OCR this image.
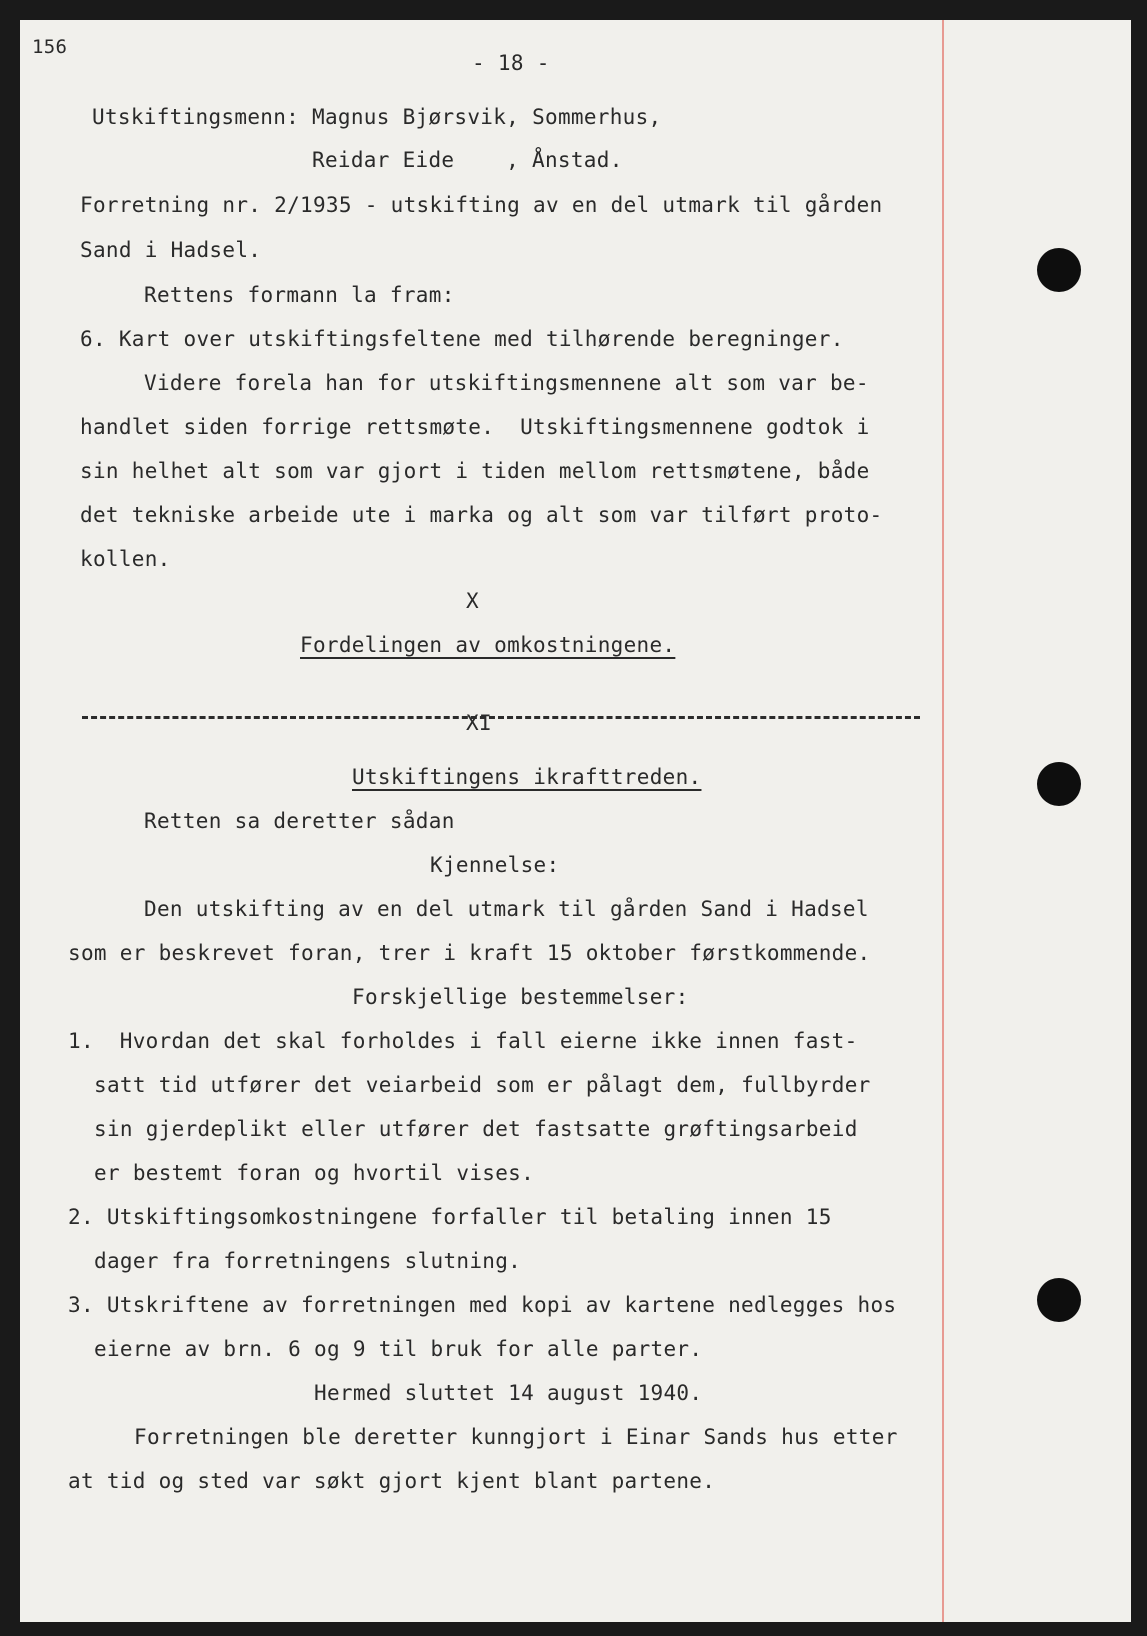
156
- 18 -
Utskiftingsmenn: Magnus Bjørsvik, Sommerhus,
Reidar Eide    , Ånstad.
Forretning nr. 2/1935 - utskifting av en del utmark til gården
Sand i Hadsel.
Rettens formann la fram:
6. Kart over utskiftingsfeltene med tilhørende beregninger.
Videre forela han for utskiftingsmennene alt som var be-
handlet siden forrige rettsmøte.  Utskiftingsmennene godtok i
sin helhet alt som var gjort i tiden mellom rettsmøtene, både
det tekniske arbeide ute i marka og alt som var tilført proto-
kollen.
X
Fordelingen av omkostningene.
XI
Utskiftingens ikrafttreden.
Retten sa deretter sådan
Kjennelse:
Den utskifting av en del utmark til gården Sand i Hadsel
som er beskrevet foran, trer i kraft 15 oktober førstkommende.
Forskjellige bestemmelser:
1.  Hvordan det skal forholdes i fall eierne ikke innen fast-
satt tid utfører det veiarbeid som er pålagt dem, fullbyrder
sin gjerdeplikt eller utfører det fastsatte grøftingsarbeid
er bestemt foran og hvortil vises.
2. Utskiftingsomkostningene forfaller til betaling innen 15
dager fra forretningens slutning.
3. Utskriftene av forretningen med kopi av kartene nedlegges hos
eierne av brn. 6 og 9 til bruk for alle parter.
Hermed sluttet 14 august 1940.
Forretningen ble deretter kunngjort i Einar Sands hus etter
at tid og sted var søkt gjort kjent blant partene.
